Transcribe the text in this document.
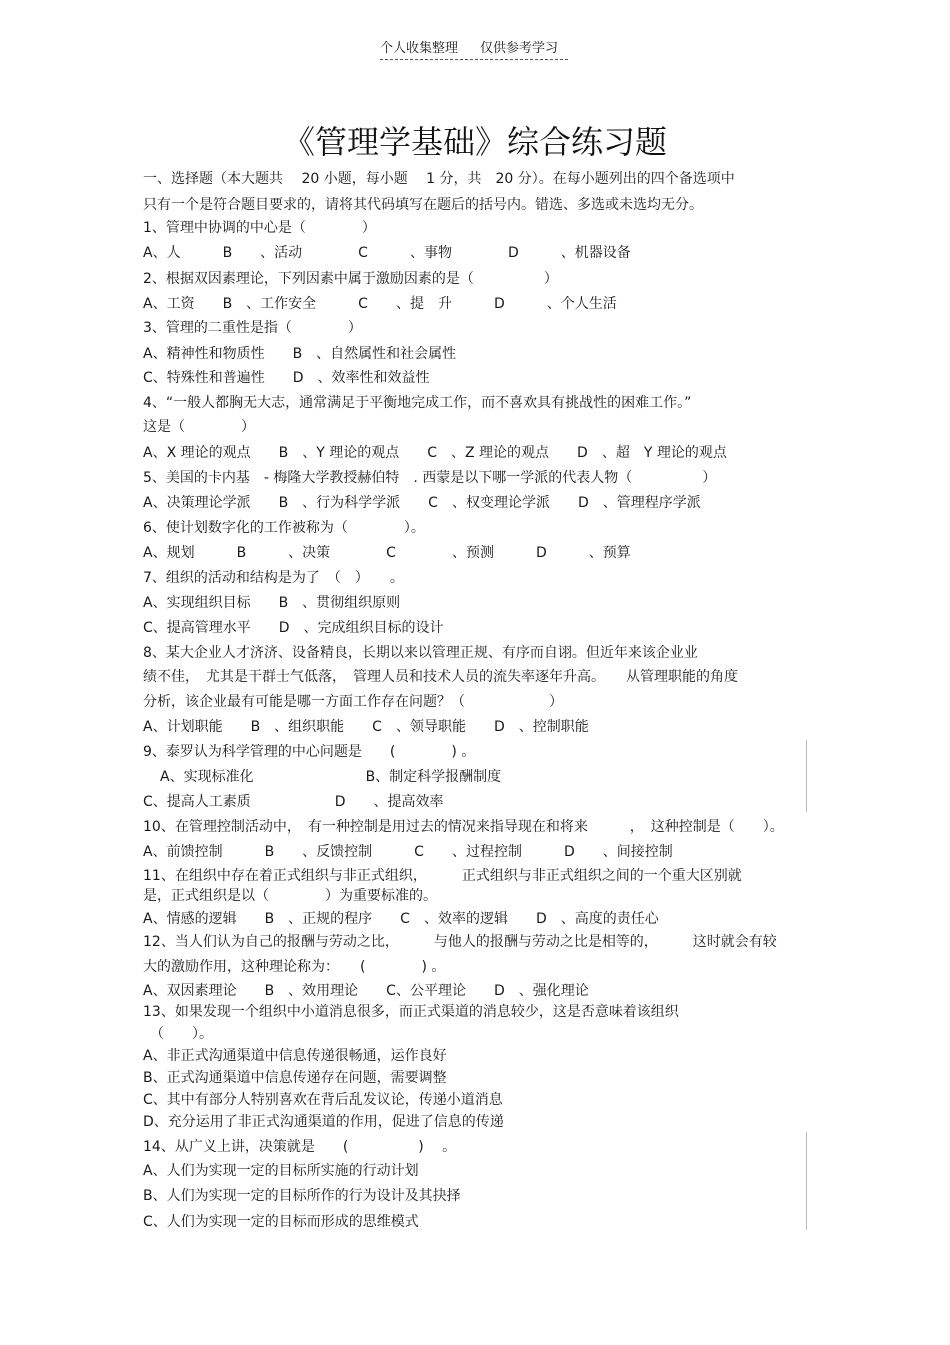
个人收集整理 仅供参考学习
《管理学基础》综合练习题
一、选择题（本大题共　 20 小题，每小题　 1 分，共　20 分）。在每小题列出的四个备选项中
只有一个是符合题目要求的，请将其代码填写在题后的括号内。错选、多选或未选均无分。
1、管理中协调的中心是（　　　　）
A、人　　　B　　、活动　　　　C　　　、事物　　　　D　　　、机器设备
2、根据双因素理论，下列因素中属于激励因素的是（　　　　　）
A、工资　　B　、工作安全　　　C　　、提　升　　　D　　　、个人生活
3、管理的二重性是指（　　　　）
A、精神性和物质性　　B　、自然属性和社会属性
C、特殊性和普遍性　　D　、效率性和效益性
4、“一般人都胸无大志，通常满足于平衡地完成工作，而不喜欢具有挑战性的困难工作。”
这是（　　　　）
A、X 理论的观点　　B　、Y 理论的观点　　C　、Z 理论的观点　　D　、超　Y 理论的观点
5、美国的卡内基　- 梅隆大学教授赫伯特　. 西蒙是以下哪一学派的代表人物（　　　　　）
A、决策理论学派　　B　、行为科学学派　　C　、权变理论学派　　D　、管理程序学派
6、使计划数字化的工作被称为（　　　　）。
A、规划　　　B　　　、决策　　　　C　　　　、预测　　　D　　　、预算
7、组织的活动和结构是为了　（　）　　。
A、实现组织目标　　B　、贯彻组织原则
C、提高管理水平　　D　、完成组织目标的设计
8、某大企业人才济济、设备精良，长期以来以管理正规、有序而自诩。但近年来该企业业
绩不佳，　尤其是干群士气低落，　管理人员和技术人员的流失率逐年升高。　　从管理职能的角度
分析，该企业最有可能是哪一方面工作存在问题？（　　　　　　）
A、计划职能　　B　、组织职能　　C　、领导职能　　D　、控制职能
9、泰罗认为科学管理的中心问题是　　(　　　　) 。
A、实现标准化　　　　　　　　B、制定科学报酬制度
C、提高人工素质　　　　　　D　　、提高效率
10、在管理控制活动中，　有一种控制是用过去的情况来指导现在和将来　　　，　这种控制是（　　）。
A、前馈控制　　　B　　、反馈控制　　　C　　、过程控制　　　D　　、间接控制
11、在组织中存在着正式组织与非正式组织，　　　正式组织与非正式组织之间的一个重大区别就
是，正式组织是以（　　　　）为重要标准的。
A、情感的逻辑　　B　、正规的程序　　C　、效率的逻辑　　D　、高度的责任心
12、当人们认为自己的报酬与劳动之比，　　　与他人的报酬与劳动之比是相等的，　　　这时就会有较
大的激励作用，这种理论称为：　　(　　　　) 。
A、双因素理论　　B　、效用理论　　C、公平理论　　D　、强化理论
13、如果发现一个组织中小道消息很多，而正式渠道的消息较少，这是否意味着该组织
（　　）。
A、非正式沟通渠道中信息传递很畅通，运作良好
B、正式沟通渠道中信息传递存在问题，需要调整
C、其中有部分人特别喜欢在背后乱发议论，传递小道消息
D、充分运用了非正式沟通渠道的作用，促进了信息的传递
14、从广义上讲，决策就是　　(　　　　　) 　。
A、人们为实现一定的目标所实施的行动计划
B、人们为实现一定的目标所作的行为设计及其抉择
C、人们为实现一定的目标而形成的思维模式
